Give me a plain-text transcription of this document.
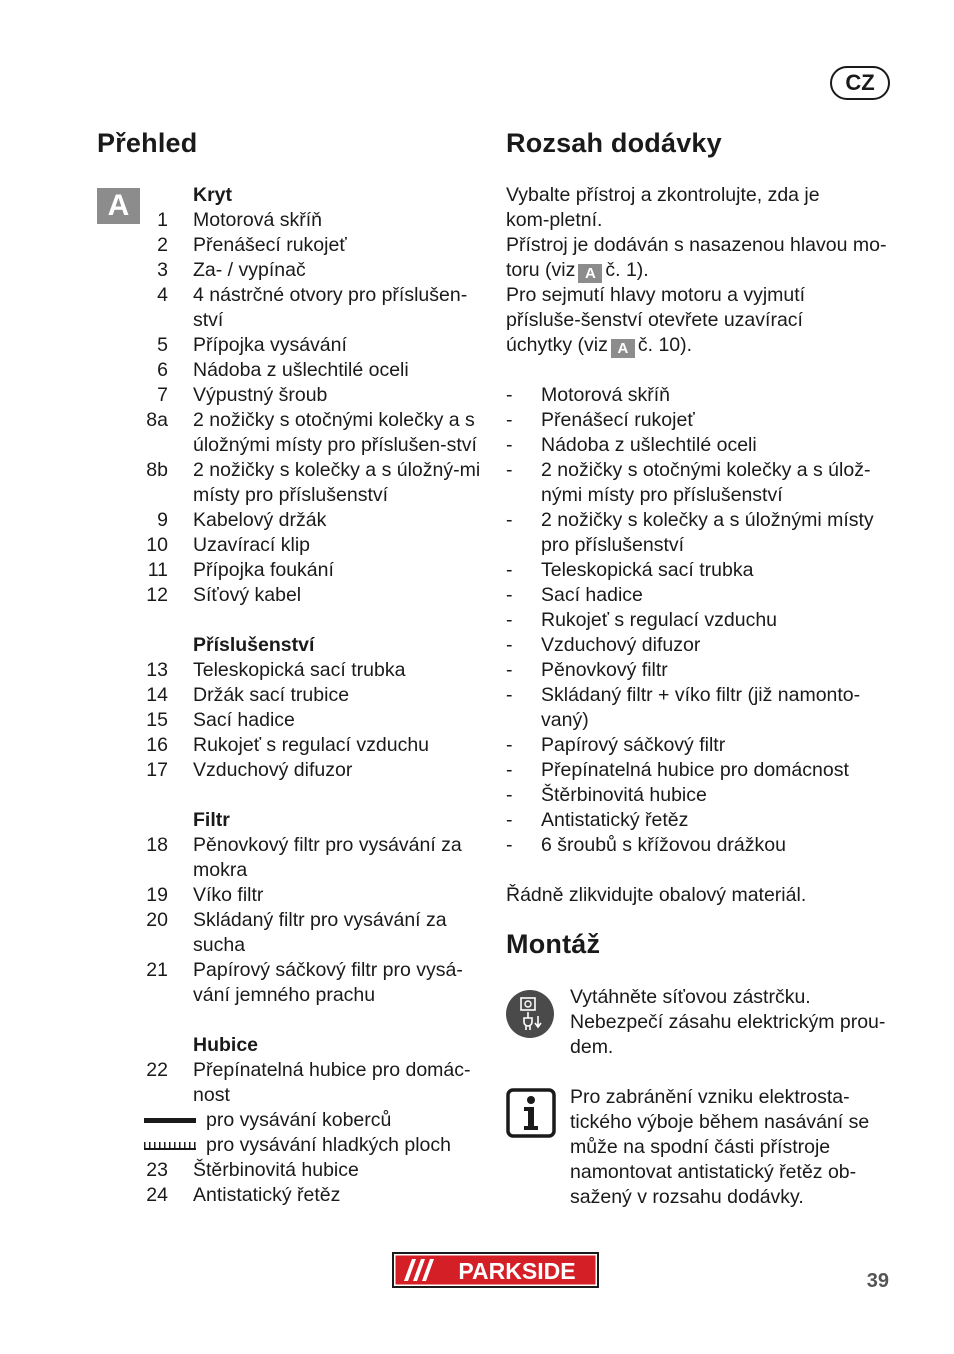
CZ
Přehled
A	Kryt
1 Motorová skříň
2 Přenášecí rukojeť
3 Za- / vypínač
4 4 nástrčné otvory pro příslušen-ství
5 Přípojka vysávání
6 Nádoba z ušlechtilé oceli
7 Výpustný šroub
8a 2 nožičky s otočnými kolečky a s úložnými místy pro příslušen-ství
8b 2 nožičky s kolečky a s úložný-mi místy pro příslušenství
9 Kabelový držák
10 Uzavírací klip
11 Přípojka foukání
12 Síťový kabel
Příslušenství
13 Teleskopická sací trubka
14 Držák sací trubice
15 Sací hadice
16 Rukojeť s regulací vzduchu
17 Vzduchový difuzor
Filtr
18 Pěnovkový filtr pro vysávání za mokra
19 Víko filtr
20 Skládaný filtr pro vysávání za sucha
21 Papírový sáčkový filtr pro vysá-vání jemného prachu
Hubice
22 Přepínatelná hubice pro domác-nost
pro vysávání koberců
pro vysávání hladkých ploch
23 Štěrbinovitá hubice
24 Antistatický řetěz
Rozsah dodávky

Vybalte přístroj a zkontrolujte, zda je kom-pletní.

Přístroj je dodáván s nasazenou hlavou mo-toru (viz A č. 1).

Pro sejmutí hlavy motoru a vyjmutí přísluše-šenství otevřete uzavírací úchytky (viz A č. 10).

- Motorová skříň
- Přenášecí rukojeť
- Nádoba z ušlechtilé oceli
- 2 nožičky s otočnými kolečky a s úlož-nými místy pro příslušenství
- 2 nožičky s kolečky a s úložnými místy pro příslušenství
- Teleskopická sací trubka
- Sací hadice
- Rukojeť s regulací vzduchu
- Vzduchový difuzor
- Pěnovkový filtr
- Skládaný filtr + víko filtr (již namonto-vaný)
- Papírový sáčkový filtr
- Přepínatelná hubice pro domácnost
- Štěrbinovitá hubice
- Antistatický řetěz
- 6 šroubů s křížovou drážkou

Řádně zlikvidujte obalový materiál.

Montáž
Vytáhněte síťovou zástrčku. Nebezpečí zásahu elektrickým prou-dem.
Pro zabránění vzniku elektrosta-tického výboje během nasávání se může na spodní části přístroje namontovat antistatický řetěz ob-sažený v rozsahu dodávky.
PARKSIDE	39
